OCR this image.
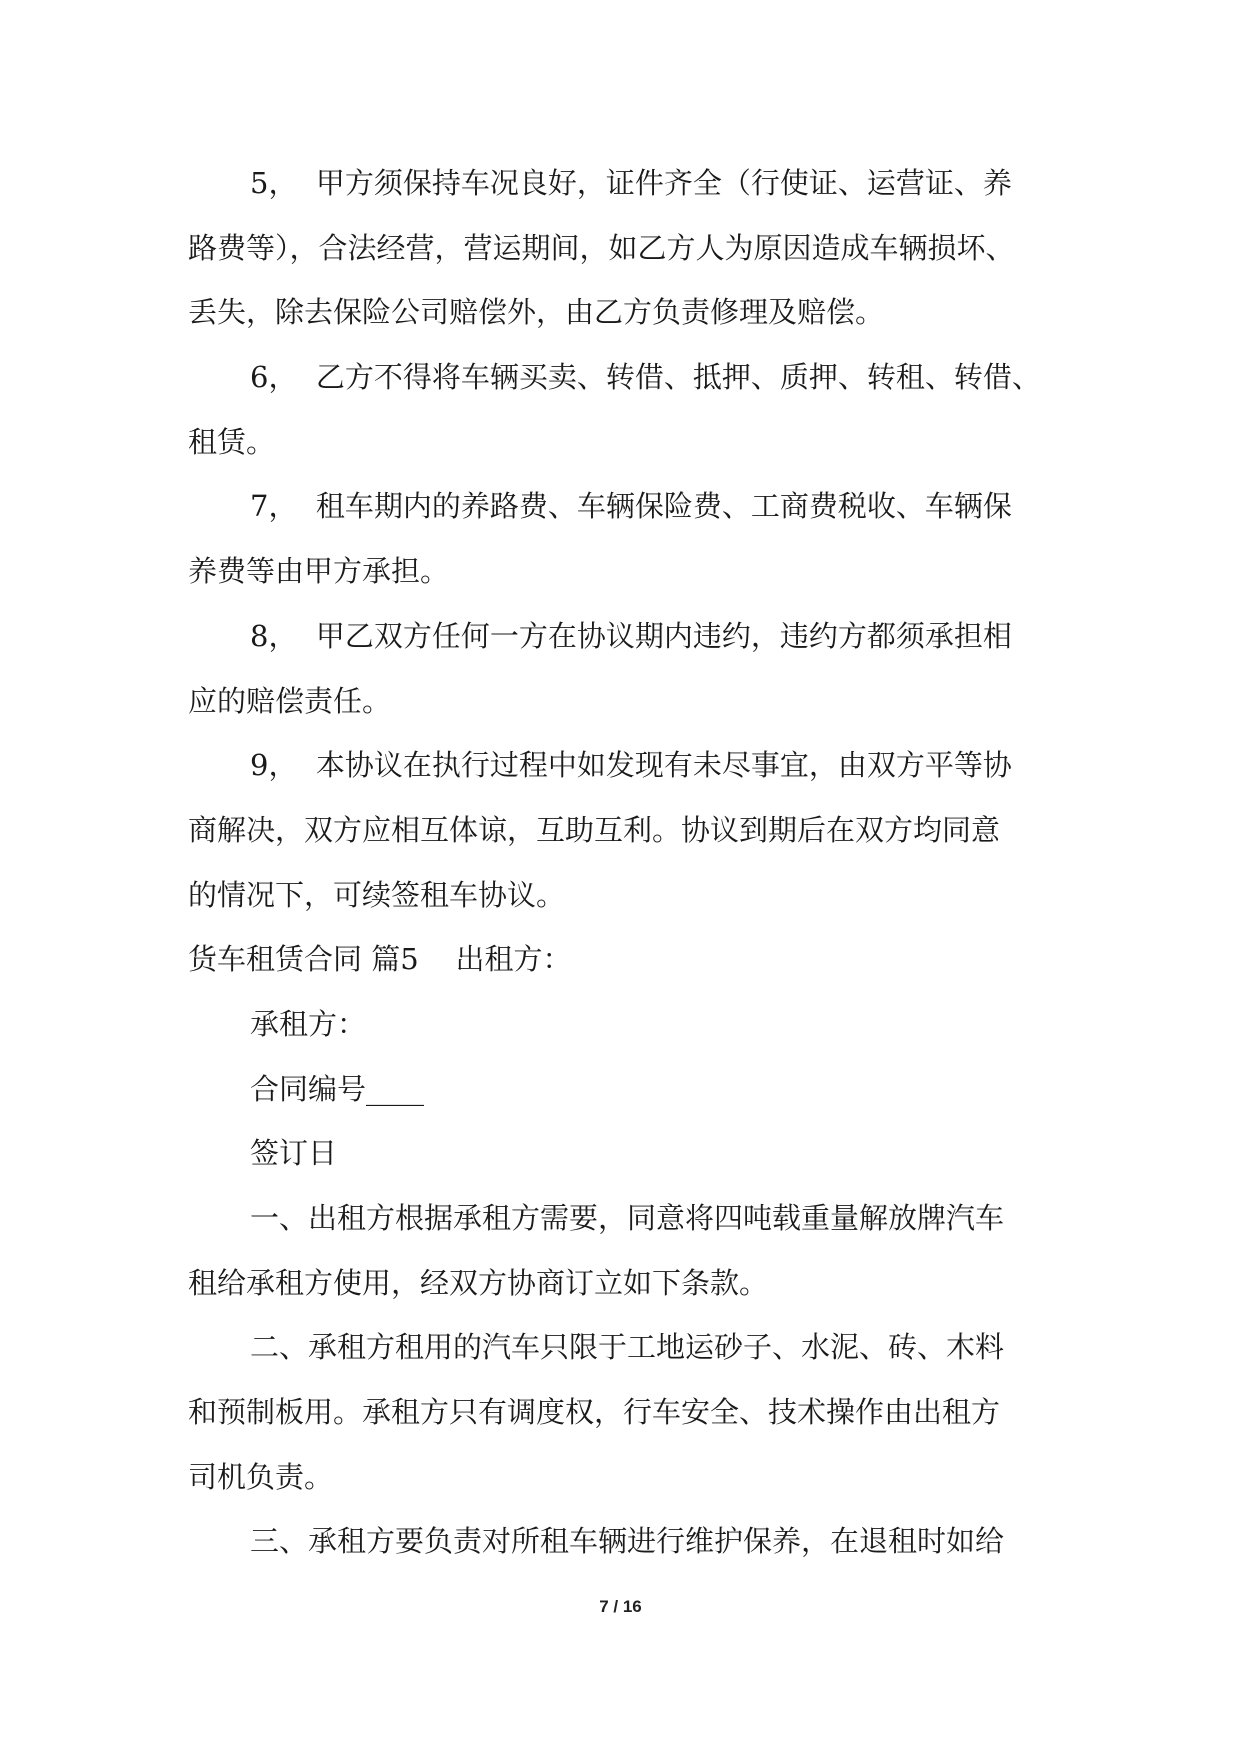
5，  甲方须保持车况良好，证件齐全（行使证、运营证、养
路费等），合法经营，营运期间，如乙方人为原因造成车辆损坏、
丢失，除去保险公司赔偿外，由乙方负责修理及赔偿。
6，  乙方不得将车辆买卖、转借、抵押、质押、转租、转借、
租赁。
7，  租车期内的养路费、车辆保险费、工商费税收、车辆保
养费等由甲方承担。
8，  甲乙双方任何一方在协议期内违约，违约方都须承担相
应的赔偿责任。
9，  本协议在执行过程中如发现有未尽事宜，由双方平等协
商解决，双方应相互体谅，互助互利。协议到期后在双方均同意
的情况下，可续签租车协议。
货车租赁合同 篇5    出租方：
承租方：
合同编号____
签订日
一、出租方根据承租方需要，同意将四吨载重量解放牌汽车
租给承租方使用，经双方协商订立如下条款。
二、承租方租用的汽车只限于工地运砂子、水泥、砖、木料
和预制板用。承租方只有调度权，行车安全、技术操作由出租方
司机负责。
三、承租方要负责对所租车辆进行维护保养，在退租时如给
7 / 16
